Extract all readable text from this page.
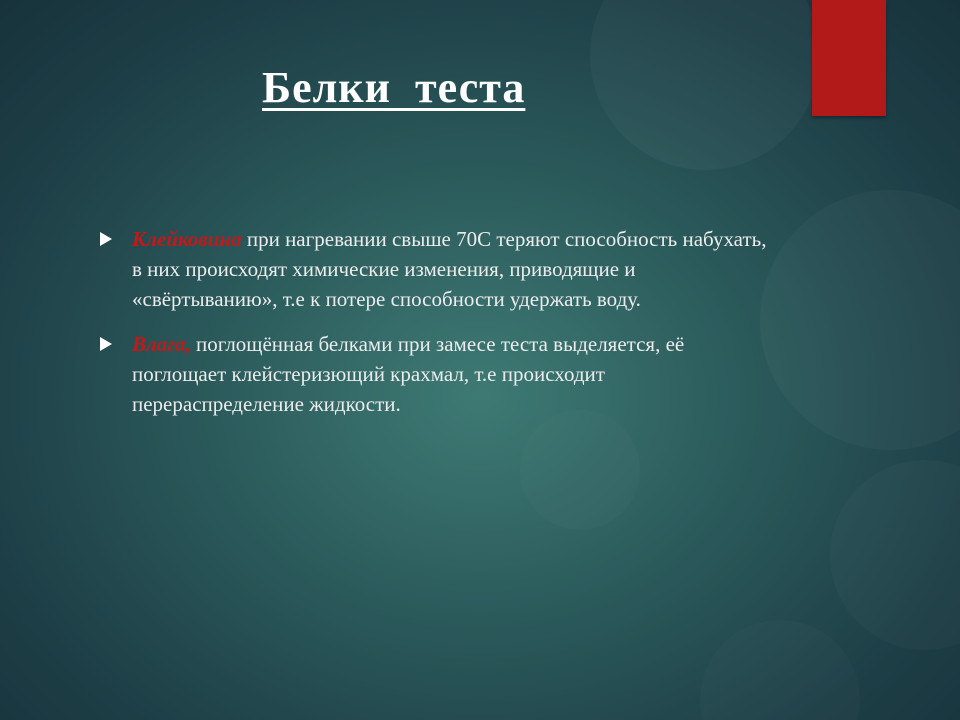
Белки  теста
Клейковина при нагревании свыше 70С теряют способность набухать, в них происходят химические изменения, приводящие и «свёртыванию», т.е к потере способности удержать воду.
Влага, поглощённая белками при замесе теста выделяется, её поглощает клейстеризющий крахмал, т.е происходит перераспределение жидкости.
